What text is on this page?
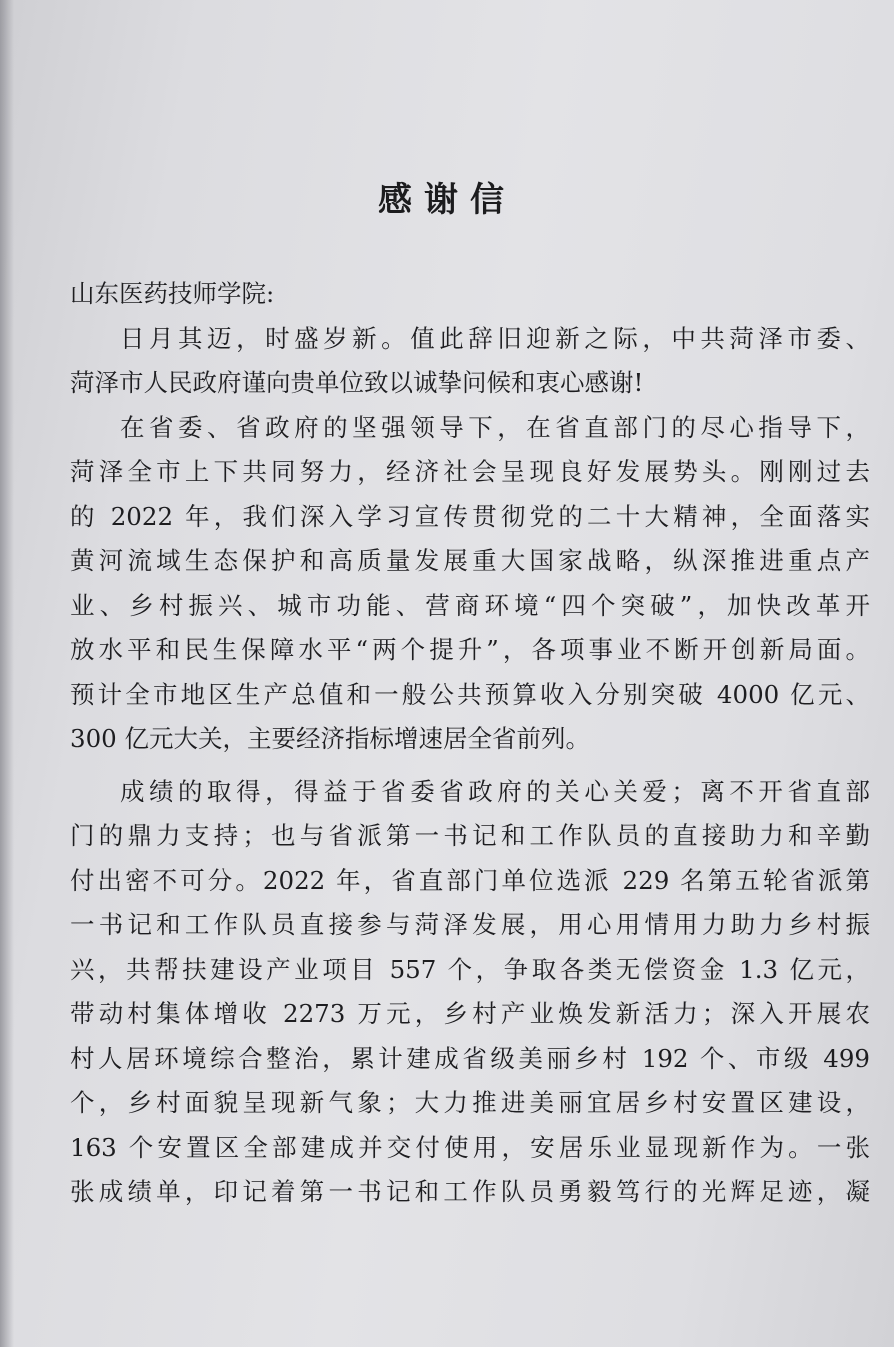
感谢信
山东医药技师学院:
日月其迈，时盛岁新。值此辞旧迎新之际，中共菏泽市委、
菏泽市人民政府谨向贵单位致以诚挚问候和衷心感谢!
在省委、省政府的坚强领导下，在省直部门的尽心指导下，
菏泽全市上下共同努力，经济社会呈现良好发展势头。刚刚过去
的 2022 年，我们深入学习宣传贯彻党的二十大精神，全面落实
黄河流域生态保护和高质量发展重大国家战略，纵深推进重点产
业、乡村振兴、城市功能、营商环境“四个突破”，加快改革开
放水平和民生保障水平“两个提升”，各项事业不断开创新局面。
预计全市地区生产总值和一般公共预算收入分别突破 4000 亿元、
300 亿元大关，主要经济指标增速居全省前列。
成绩的取得，得益于省委省政府的关心关爱；离不开省直部
门的鼎力支持；也与省派第一书记和工作队员的直接助力和辛勤
付出密不可分。2022 年，省直部门单位选派 229 名第五轮省派第
一书记和工作队员直接参与菏泽发展，用心用情用力助力乡村振
兴，共帮扶建设产业项目 557 个，争取各类无偿资金 1.3 亿元，
带动村集体增收 2273 万元，乡村产业焕发新活力；深入开展农
村人居环境综合整治，累计建成省级美丽乡村 192 个、市级 499
个，乡村面貌呈现新气象；大力推进美丽宜居乡村安置区建设，
163 个安置区全部建成并交付使用，安居乐业显现新作为。一张
张成绩单，印记着第一书记和工作队员勇毅笃行的光辉足迹，凝
